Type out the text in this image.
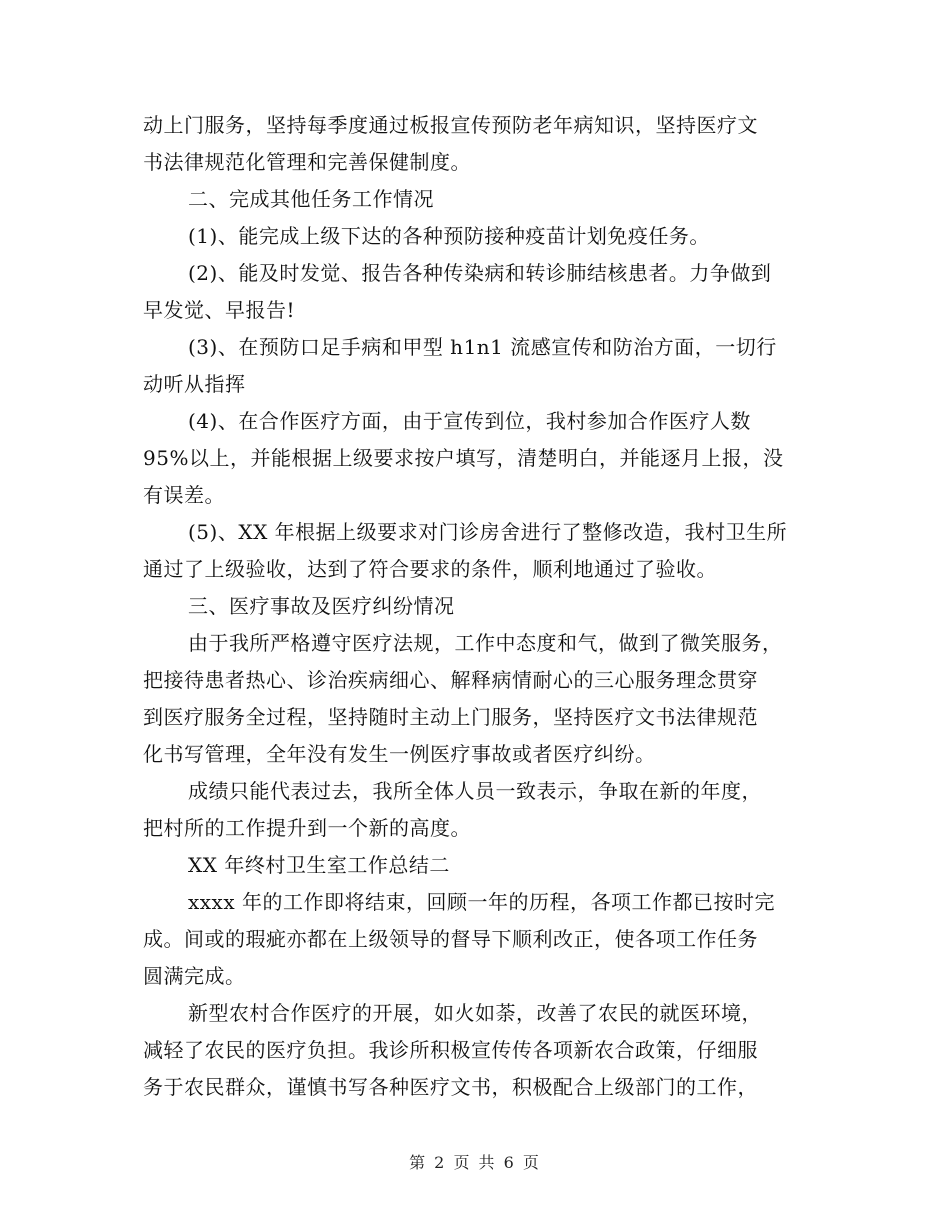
动上门服务，坚持每季度通过板报宣传预防老年病知识，坚持医疗文
书法律规范化管理和完善保健制度。
二、完成其他任务工作情况
(1)、能完成上级下达的各种预防接种疫苗计划免疫任务。
(2)、能及时发觉、报告各种传染病和转诊肺结核患者。力争做到
早发觉、早报告!
(3)、在预防口足手病和甲型 h1n1 流感宣传和防治方面，一切行
动听从指挥
(4)、在合作医疗方面，由于宣传到位，我村参加合作医疗人数
95%以上，并能根据上级要求按户填写，清楚明白，并能逐月上报，没
有误差。
(5)、XX 年根据上级要求对门诊房舍进行了整修改造，我村卫生所
通过了上级验收，达到了符合要求的条件，顺利地通过了验收。
三、医疗事故及医疗纠纷情况
由于我所严格遵守医疗法规，工作中态度和气，做到了微笑服务，
把接待患者热心、诊治疾病细心、解释病情耐心的三心服务理念贯穿
到医疗服务全过程，坚持随时主动上门服务，坚持医疗文书法律规范
化书写管理，全年没有发生一例医疗事故或者医疗纠纷。
成绩只能代表过去，我所全体人员一致表示，争取在新的年度，
把村所的工作提升到一个新的高度。
XX 年终村卫生室工作总结二
xxxx 年的工作即将结束，回顾一年的历程，各项工作都已按时完
成。间或的瑕疵亦都在上级领导的督导下顺利改正，使各项工作任务
圆满完成。
新型农村合作医疗的开展，如火如荼，改善了农民的就医环境，
减轻了农民的医疗负担。我诊所积极宣传传各项新农合政策，仔细服
务于农民群众，谨慎书写各种医疗文书，积极配合上级部门的工作，
第 2 页 共 6 页
